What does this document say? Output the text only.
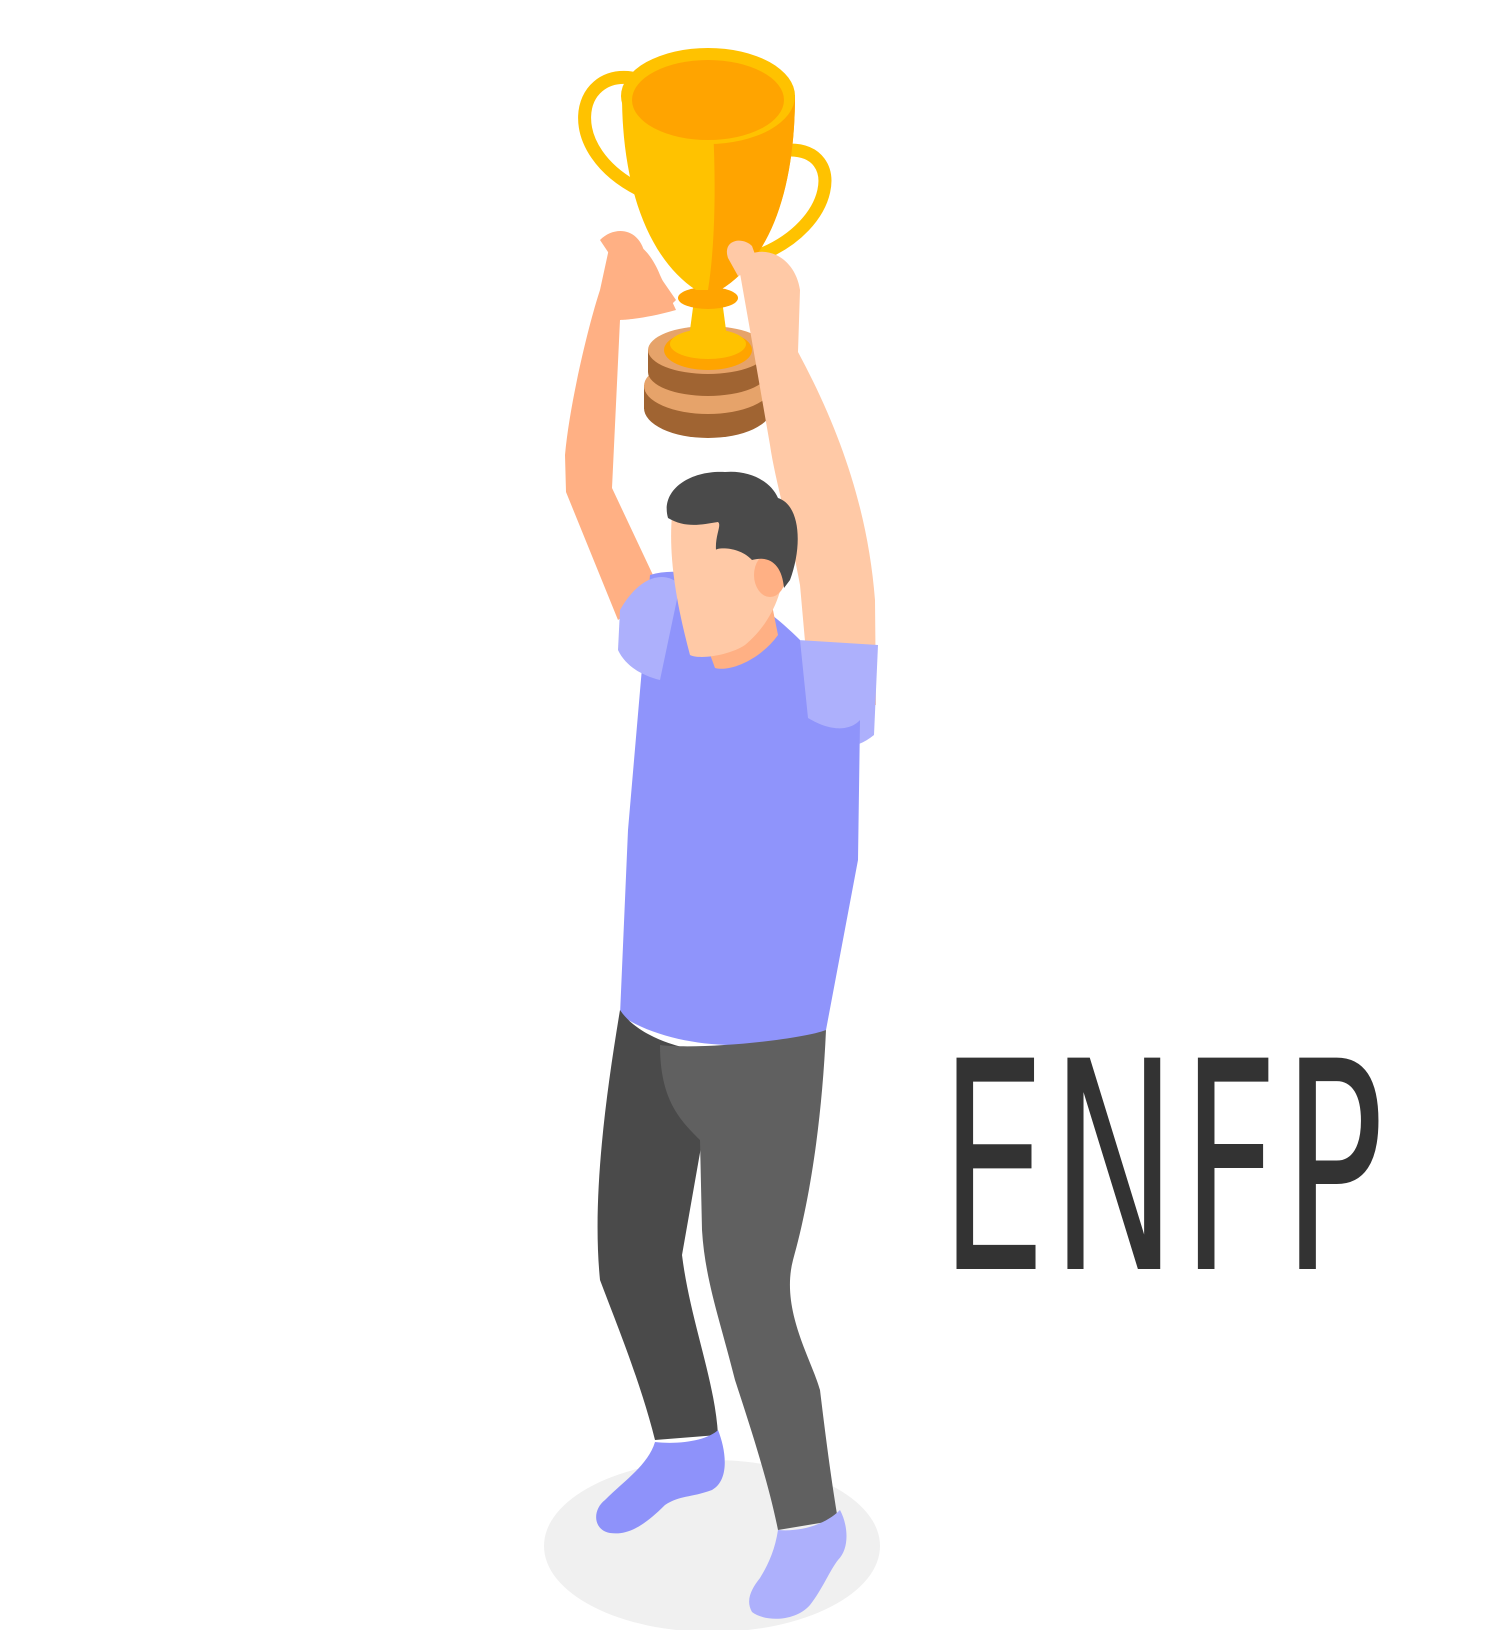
ENFP
